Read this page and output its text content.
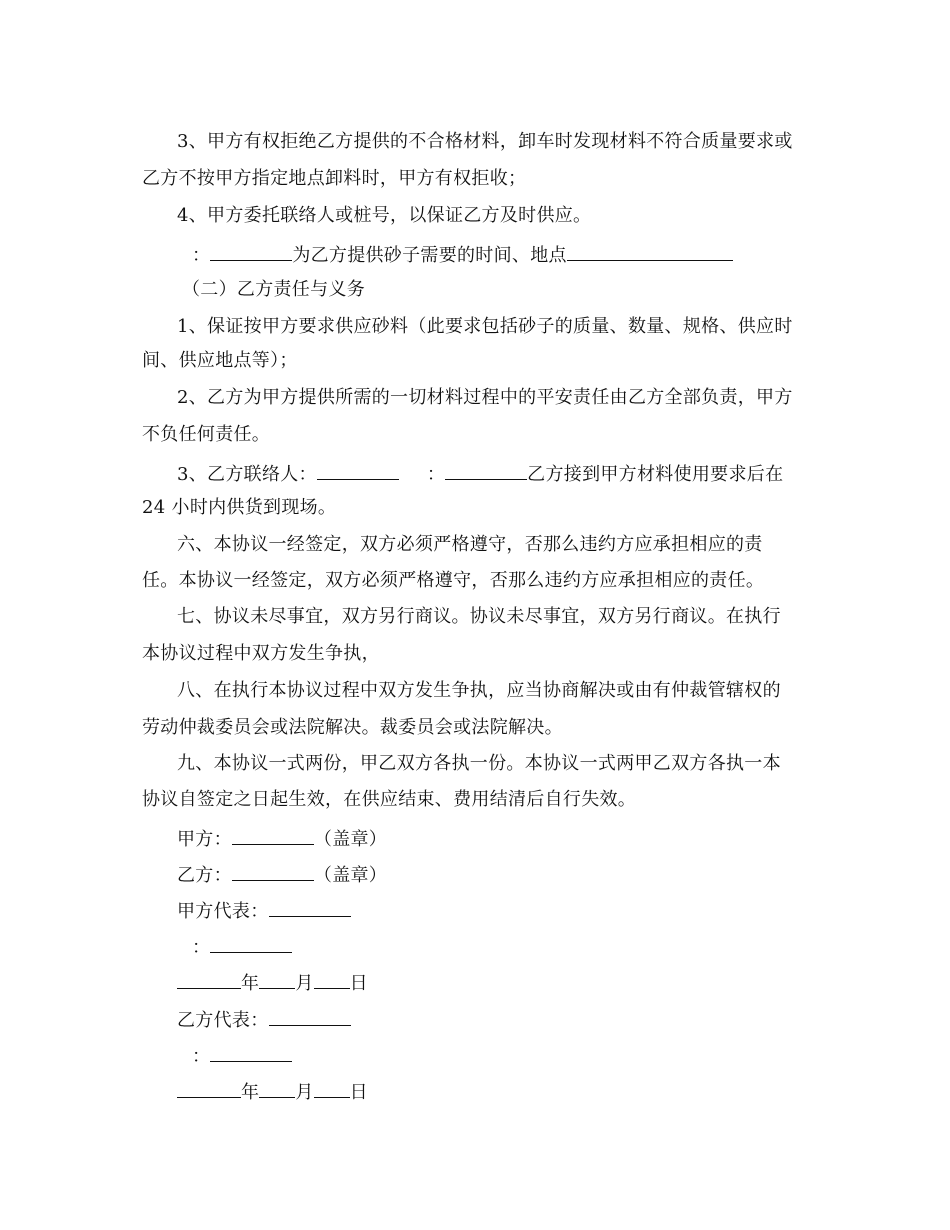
3、甲方有权拒绝乙方提供的不合格材料，卸车时发现材料不符合质量要求或
乙方不按甲方指定地点卸料时，甲方有权拒收；
4、甲方委托联络人或桩号，以保证乙方及时供应。
：	为乙方提供砂子需要的时间、地点
（二）乙方责任与义务
1、保证按甲方要求供应砂料（此要求包括砂子的质量、数量、规格、供应时
间、供应地点等）；
2、乙方为甲方提供所需的一切材料过程中的平安责任由乙方全部负责，甲方
不负任何责任。
3、乙方联络人：	：	乙方接到甲方材料使用要求后在
24 小时内供货到现场。
六、本协议一经签定，双方必须严格遵守，否那么违约方应承担相应的责
任。本协议一经签定，双方必须严格遵守，否那么违约方应承担相应的责任。
七、协议未尽事宜，双方另行商议。协议未尽事宜，双方另行商议。在执行
本协议过程中双方发生争执，
八、在执行本协议过程中双方发生争执，应当协商解决或由有仲裁管辖权的
劳动仲裁委员会或法院解决。裁委员会或法院解决。
九、本协议一式两份，甲乙双方各执一份。本协议一式两甲乙双方各执一本
协议自签定之日起生效，在供应结束、费用结清后自行失效。
甲方：	（盖章）
乙方：	（盖章）
甲方代表：
：
年 月 日
乙方代表：
：
年 月 日
